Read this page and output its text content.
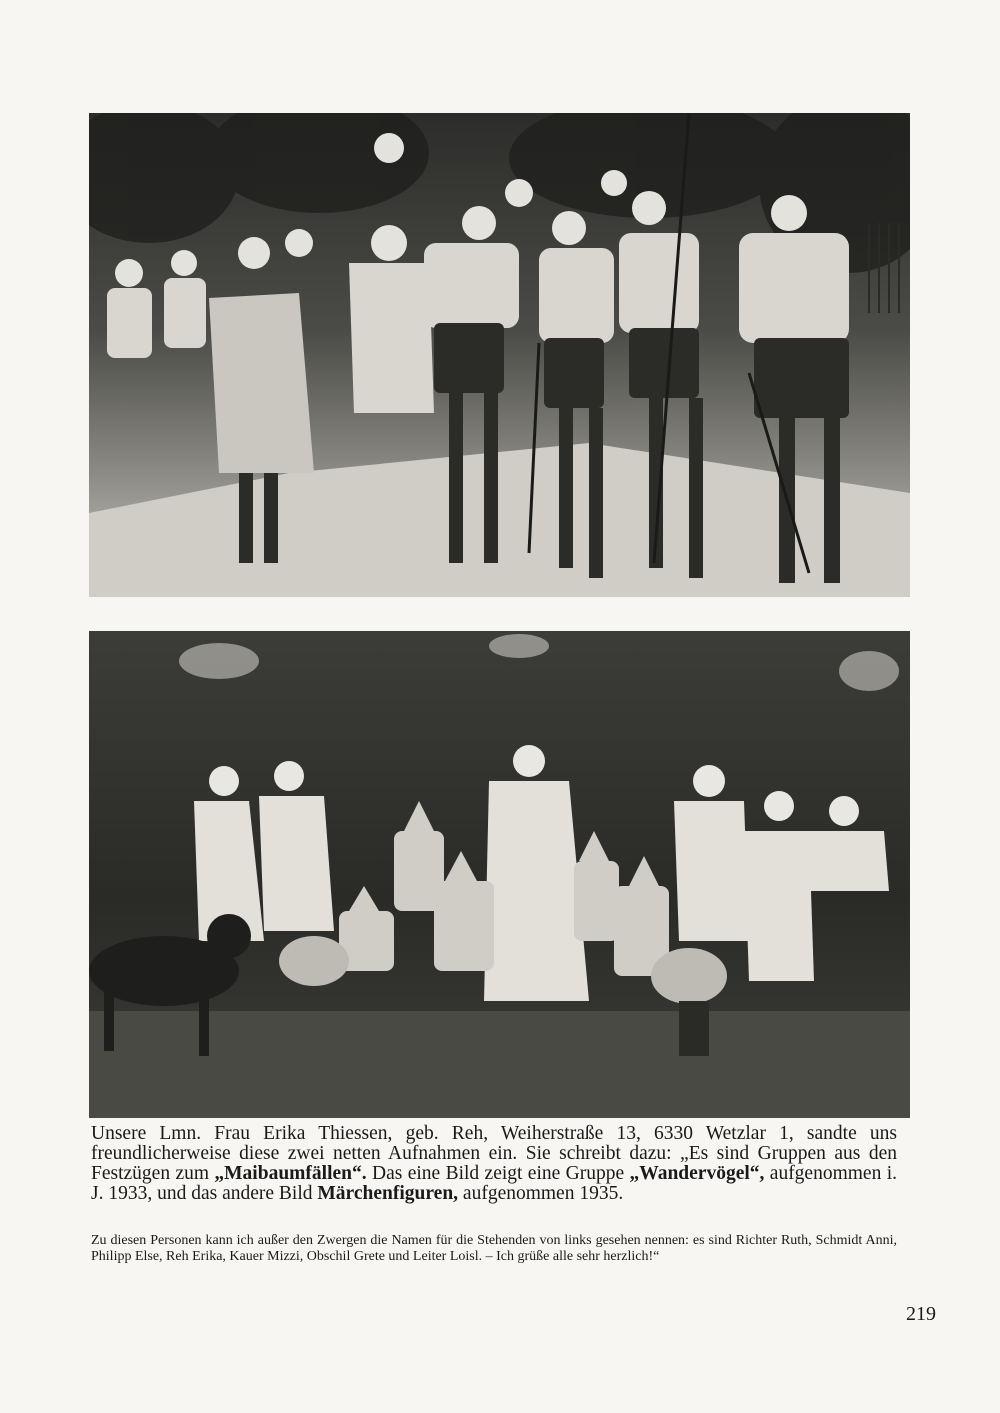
Unsere Lmn. Frau Erika Thiessen, geb. Reh, Weiherstraße 13, 6330 Wetzlar 1, sandte uns freundlicherweise diese zwei netten Aufnahmen ein. Sie schreibt dazu: „Es sind Gruppen aus den Festzügen zum „Maibaumfällen“. Das eine Bild zeigt eine Gruppe „Wandervögel“, aufgenommen i. J. 1933, und das andere Bild Märchenfiguren, aufgenommen 1935.
Zu diesen Personen kann ich außer den Zwergen die Namen für die Stehenden von links gesehen nennen: es sind Richter Ruth, Schmidt Anni, Philipp Else, Reh Erika, Kauer Mizzi, Obschil Grete und Leiter Loisl. – Ich grüße alle sehr herzlich!“
219
